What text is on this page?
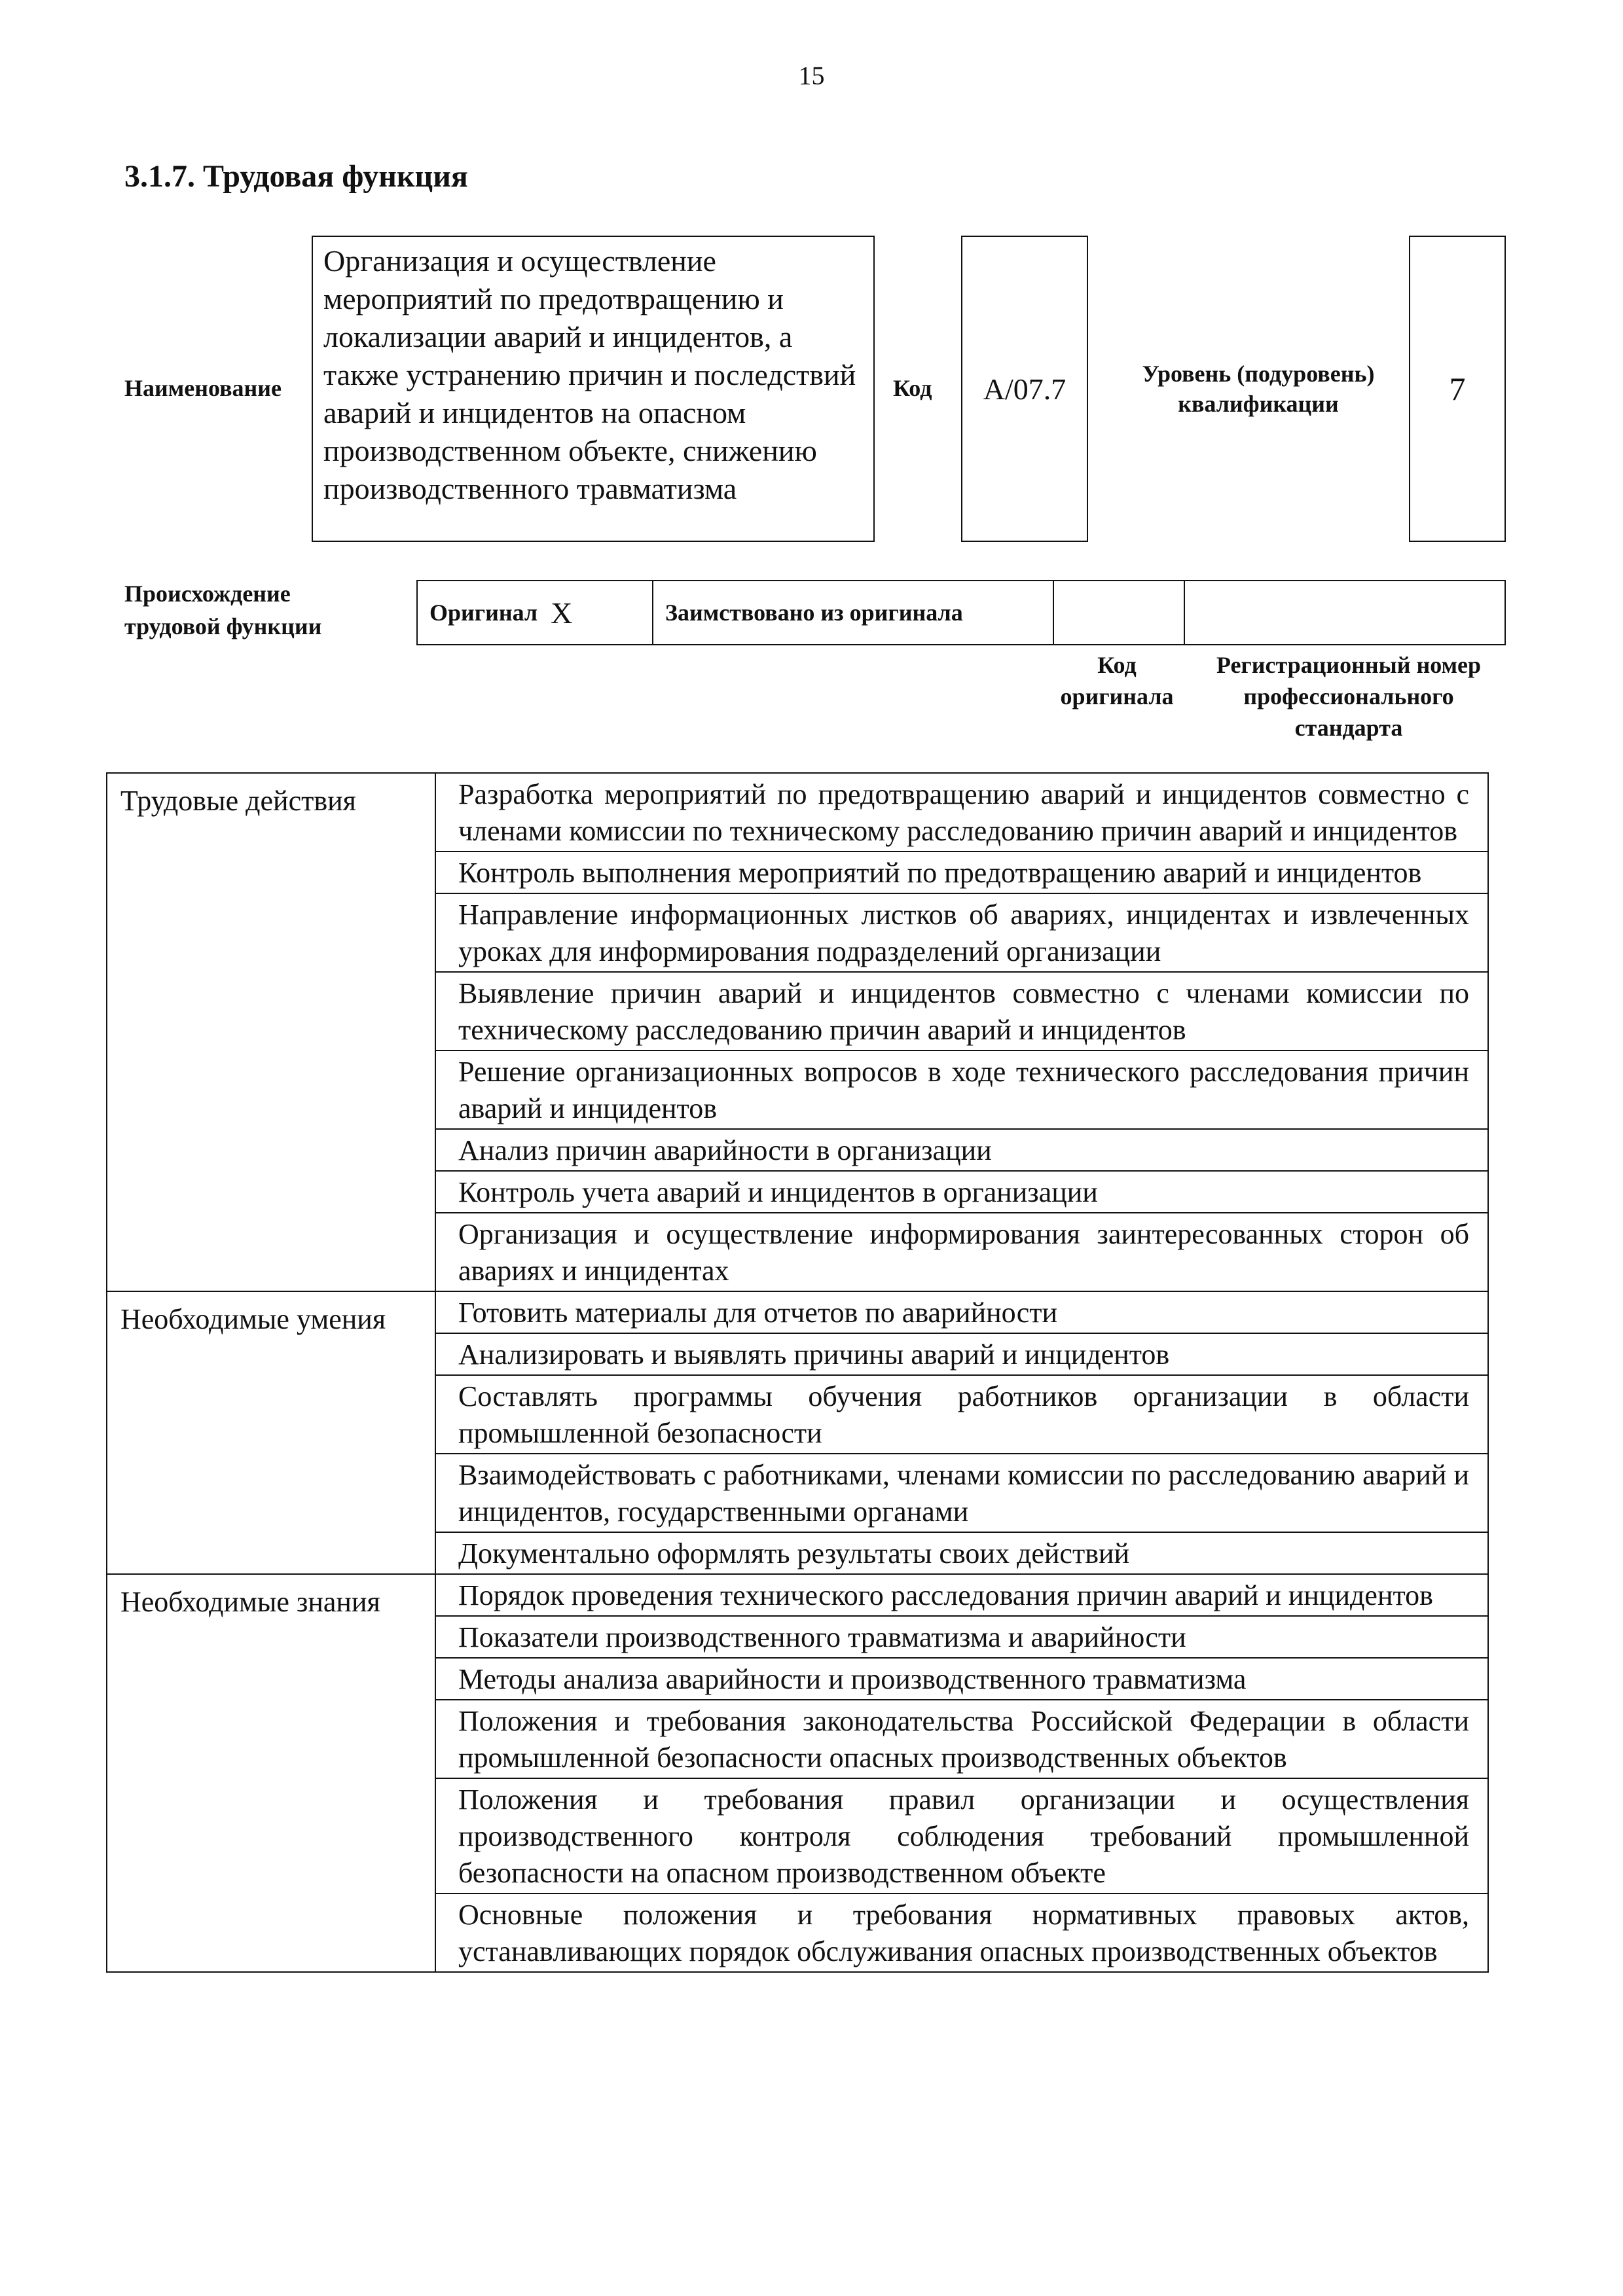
15
3.1.7. Трудовая функция
Наименование
Организация и осуществление мероприятий по предотвращению и локализации аварий и инцидентов, а также устранению причин и последствий аварий и инцидентов на опасном производственном объекте, снижению производственного травматизма
Код	A/07.7	Уровень (подуровень) квалификации	7
Происхождение трудовой функции
Оригинал X	Заимствовано из оригинала
Код оригинала
Регистрационный номер профессионального стандарта
Трудовые действия	Разработка мероприятий по предотвращению аварий и инцидентов совместно с членами комиссии по техническому расследованию причин аварий и инцидентов
	Контроль выполнения мероприятий по предотвращению аварий и инцидентов
	Направление информационных листков об авариях, инцидентах и извлеченных уроках для информирования подразделений организации
	Выявление причин аварий и инцидентов совместно с членами комиссии по техническому расследованию причин аварий и инцидентов
	Решение организационных вопросов в ходе технического расследования причин аварий и инцидентов
	Анализ причин аварийности в организации
	Контроль учета аварий и инцидентов в организации
	Организация и осуществление информирования заинтересованных сторон об авариях и инцидентах
Необходимые умения	Готовить материалы для отчетов по аварийности
	Анализировать и выявлять причины аварий и инцидентов
	Составлять программы обучения работников организации в области промышленной безопасности
	Взаимодействовать с работниками, членами комиссии по расследованию аварий и инцидентов, государственными органами
	Документально оформлять результаты своих действий
Необходимые знания	Порядок проведения технического расследования причин аварий и инцидентов
	Показатели производственного травматизма и аварийности
	Методы анализа аварийности и производственного травматизма
	Положения и требования законодательства Российской Федерации в области промышленной безопасности опасных производственных объектов
	Положения и требования правил организации и осуществления производственного контроля соблюдения требований промышленной безопасности на опасном производственном объекте
	Основные положения и требования нормативных правовых актов, устанавливающих порядок обслуживания опасных производственных объектов
